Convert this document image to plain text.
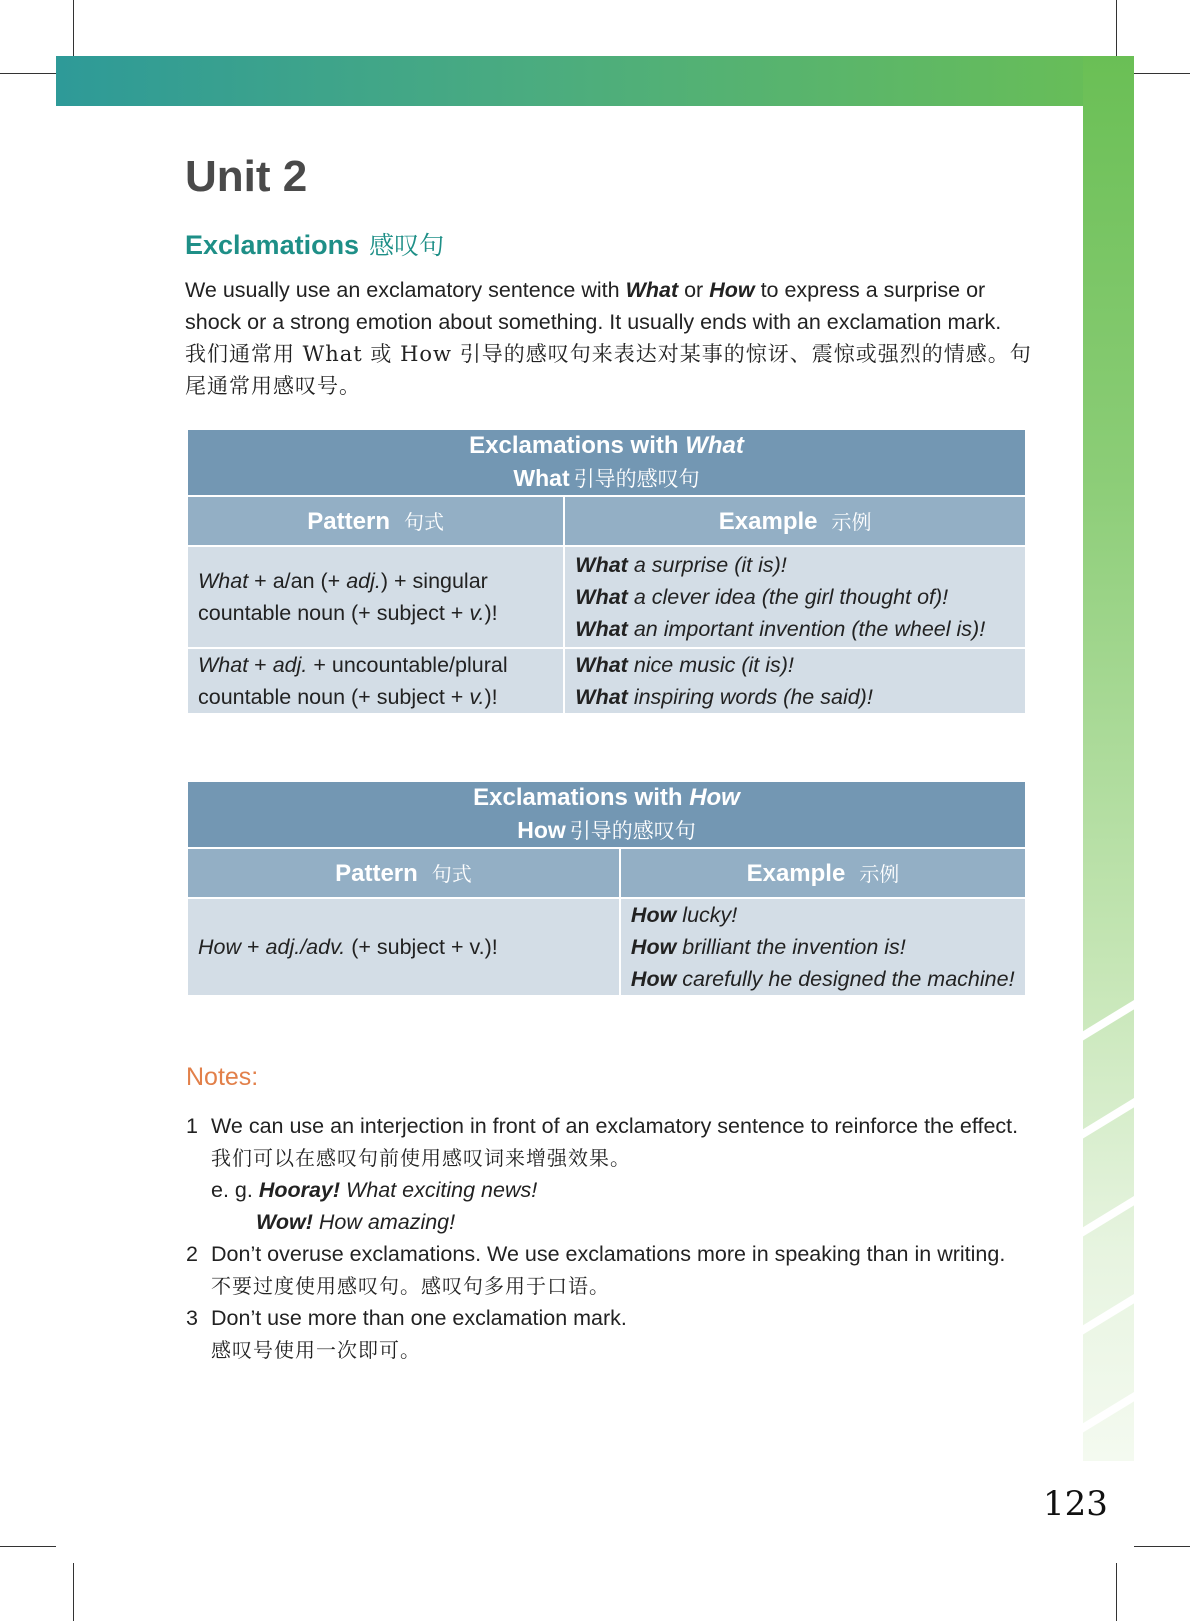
Unit 2
Exclamations 感叹句

We usually use an exclamatory sentence with What or How to express a surprise or shock or a strong emotion about something. It usually ends with an exclamation mark.
我们通常用 What 或 How 引导的感叹句来表达对某事的惊讶、震惊或强烈的情感。句尾通常用感叹号。

Exclamations with What
What 引导的感叹句	
Pattern 句式	Example 示例
What + a/an (+ adj.) + singular countable noun (+ subject + v.)!	What a surprise (it is)!
What a clever idea (the girl thought of)!
What an important invention (the wheel is)!

What + adj. + uncountable/plural countable noun (+ subject + v.)!	What nice music (it is)!
What inspiring words (he said)!
Exclamations with How
How 引导的感叹句	
Pattern 句式	Example 示例
How + adj./adv. (+ subject + v.)!	How lucky!
How brilliant the invention is!
How carefully he designed the machine!
Notes:
1 We can use an interjection in front of an exclamatory sentence to reinforce the effect.
我们可以在感叹句前使用感叹词来增强效果。
e. g. Hooray! What exciting news!
Wow! How amazing!
2 Don’t overuse exclamations. We use exclamations more in speaking than in writing.
不要过度使用感叹句。感叹句多用于口语。
3 Don’t use more than one exclamation mark.
感叹号使用一次即可。

123
